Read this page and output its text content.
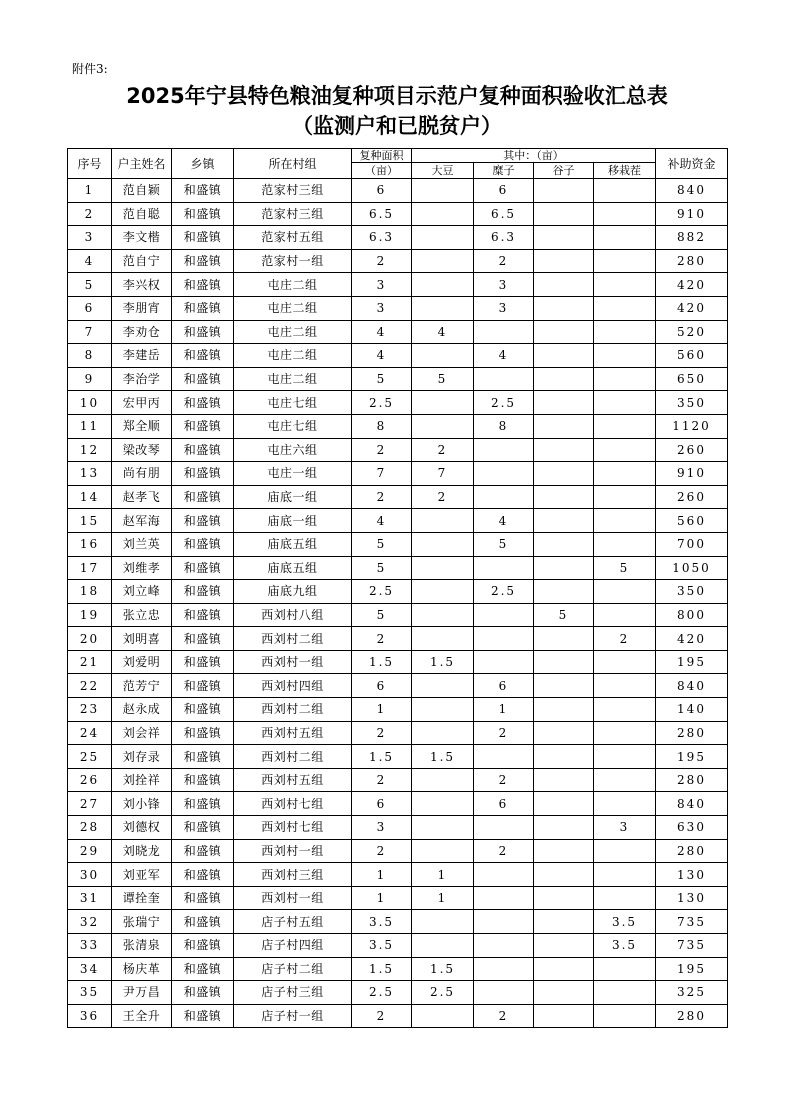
附件3:
2025年宁县特色粮油复种项目示范户复种面积验收汇总表
（监测户和已脱贫户）
序号	户主姓名	乡镇	所在村组	复种面积	其中：（亩）				补助资金
				（亩）	大豆	糜子	谷子	移栽茬	
1	范自颖	和盛镇	范家村三组	6		6			840
2	范自聪	和盛镇	范家村三组	6.5		6.5			910
3	李文楷	和盛镇	范家村五组	6.3		6.3			882
4	范自宁	和盛镇	范家村一组	2		2			280
5	李兴权	和盛镇	屯庄二组	3		3			420
6	李朋宵	和盛镇	屯庄二组	3		3			420
7	李劝仓	和盛镇	屯庄二组	4	4				520
8	李建岳	和盛镇	屯庄二组	4		4			560
9	李治学	和盛镇	屯庄二组	5	5				650
10	宏甲丙	和盛镇	屯庄七组	2.5		2.5			350
11	郑全顺	和盛镇	屯庄七组	8		8			1120
12	梁改琴	和盛镇	屯庄六组	2	2				260
13	尚有朋	和盛镇	屯庄一组	7	7				910
14	赵孝飞	和盛镇	庙底一组	2	2				260
15	赵军海	和盛镇	庙底一组	4		4			560
16	刘兰英	和盛镇	庙底五组	5		5			700
17	刘维孝	和盛镇	庙底五组	5				5	1050
18	刘立峰	和盛镇	庙底九组	2.5		2.5			350
19	张立忠	和盛镇	西刘村八组	5			5		800
20	刘明喜	和盛镇	西刘村二组	2				2	420
21	刘爱明	和盛镇	西刘村一组	1.5	1.5				195
22	范芳宁	和盛镇	西刘村四组	6		6			840
23	赵永成	和盛镇	西刘村二组	1		1			140
24	刘会祥	和盛镇	西刘村五组	2		2			280
25	刘存录	和盛镇	西刘村二组	1.5	1.5				195
26	刘拴祥	和盛镇	西刘村五组	2		2			280
27	刘小锋	和盛镇	西刘村七组	6		6			840
28	刘德权	和盛镇	西刘村七组	3				3	630
29	刘晓龙	和盛镇	西刘村一组	2		2			280
30	刘亚军	和盛镇	西刘村三组	1	1				130
31	谭拴奎	和盛镇	西刘村一组	1	1				130
32	张瑞宁	和盛镇	店子村五组	3.5				3.5	735
33	张清泉	和盛镇	店子村四组	3.5				3.5	735
34	杨庆革	和盛镇	店子村二组	1.5	1.5				195
35	尹万昌	和盛镇	店子村三组	2.5	2.5				325
36	王全升	和盛镇	店子村一组	2		2			280
